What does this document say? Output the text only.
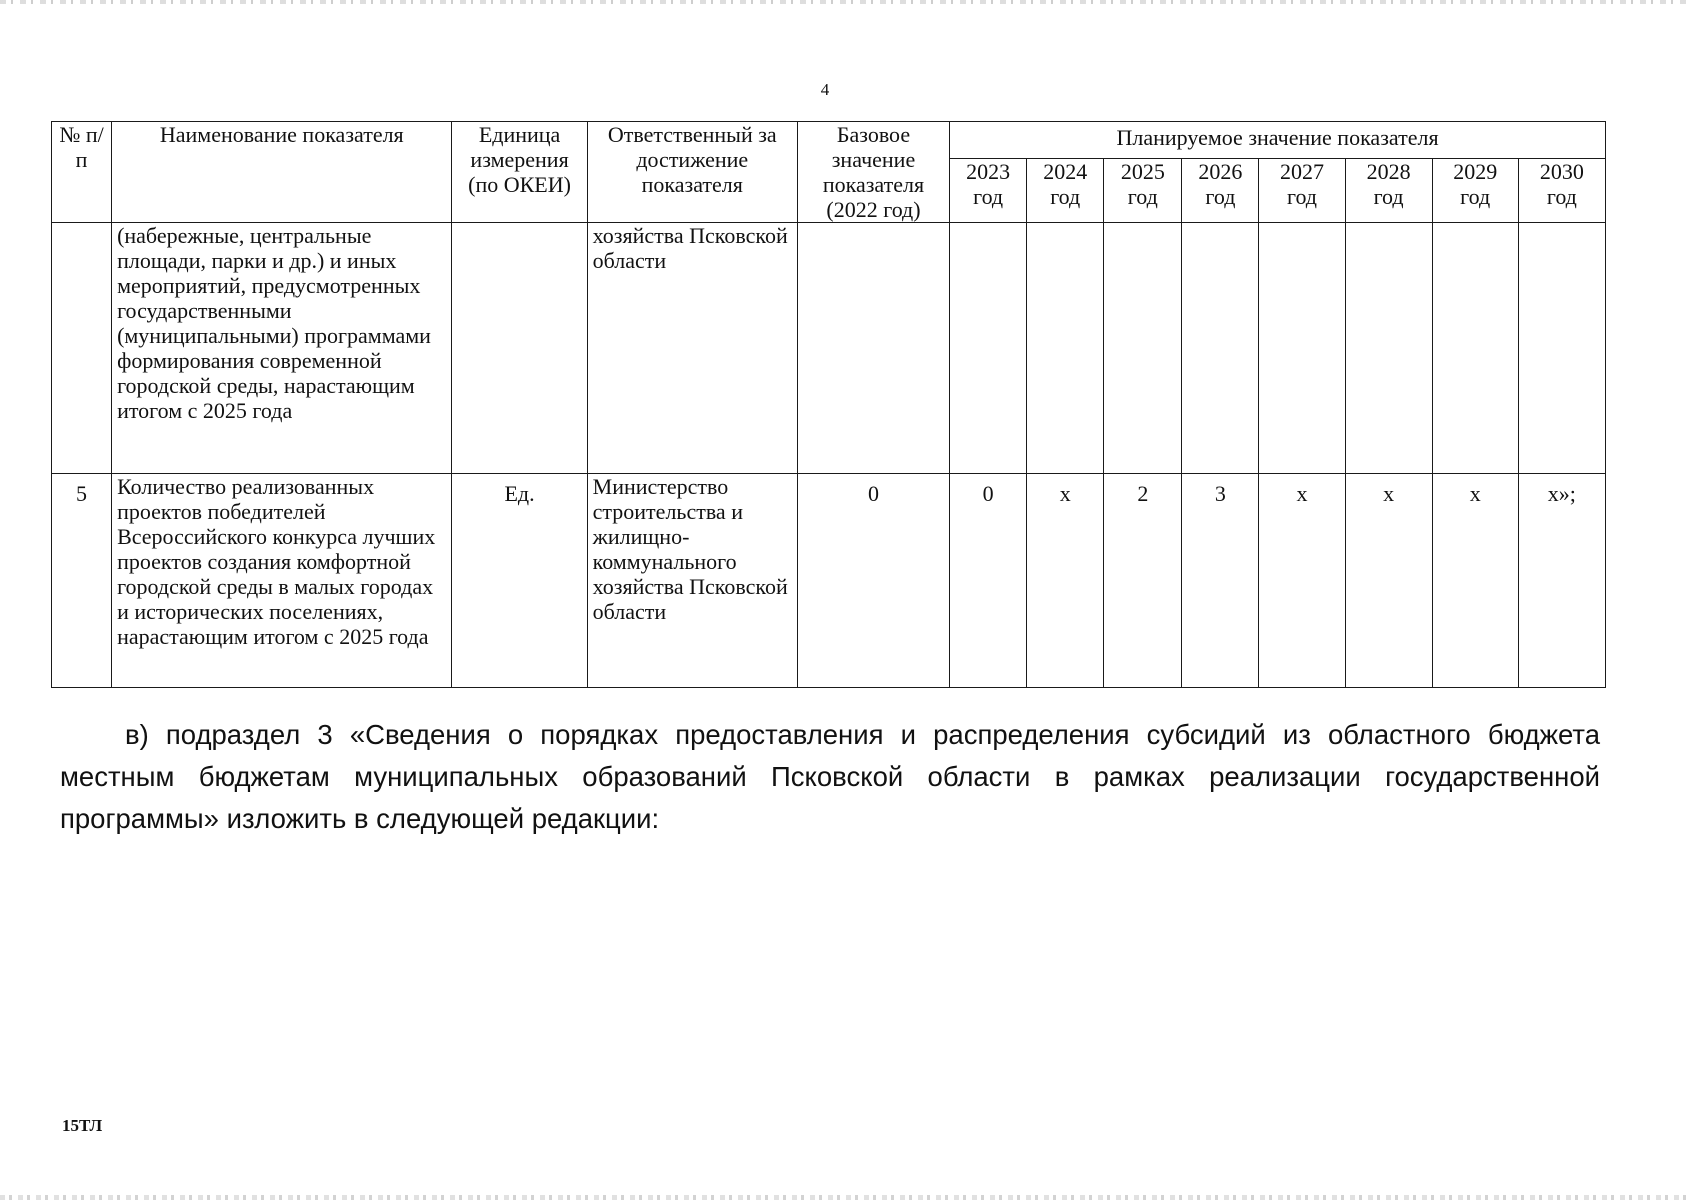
4
№ п/п	Наименование показателя	Единица измерения (по ОКЕИ)	Ответственный за достижение показателя	Базовое значение показателя (2022 год)	Планируемое значение показателя							
					2023 год	2024 год	2025 год	2026 год	2027 год	2028 год	2029 год	2030 год
	(набережные, центральные площади, парки и др.) и иных мероприятий, предусмотренных государственными (муниципальными) программами формирования современной городской среды, нарастающим итогом с 2025 года		хозяйства Псковской области									
5	Количество реализованных проектов победителей Всероссийского конкурса лучших проектов создания комфортной городской среды в малых городах и исторических поселениях, нарастающим итогом с 2025 года	Ед.	Министерство строительства и жилищно-коммунального хозяйства Псковской области	0	0	х	2	3	х	х	х	х»;

в) подраздел 3 «Сведения о порядках предоставления и распределения субсидий из областного бюджета местным бюджетам муниципальных образований Псковской области в рамках реализации государственной программы» изложить в следующей редакции:

15ТЛ
